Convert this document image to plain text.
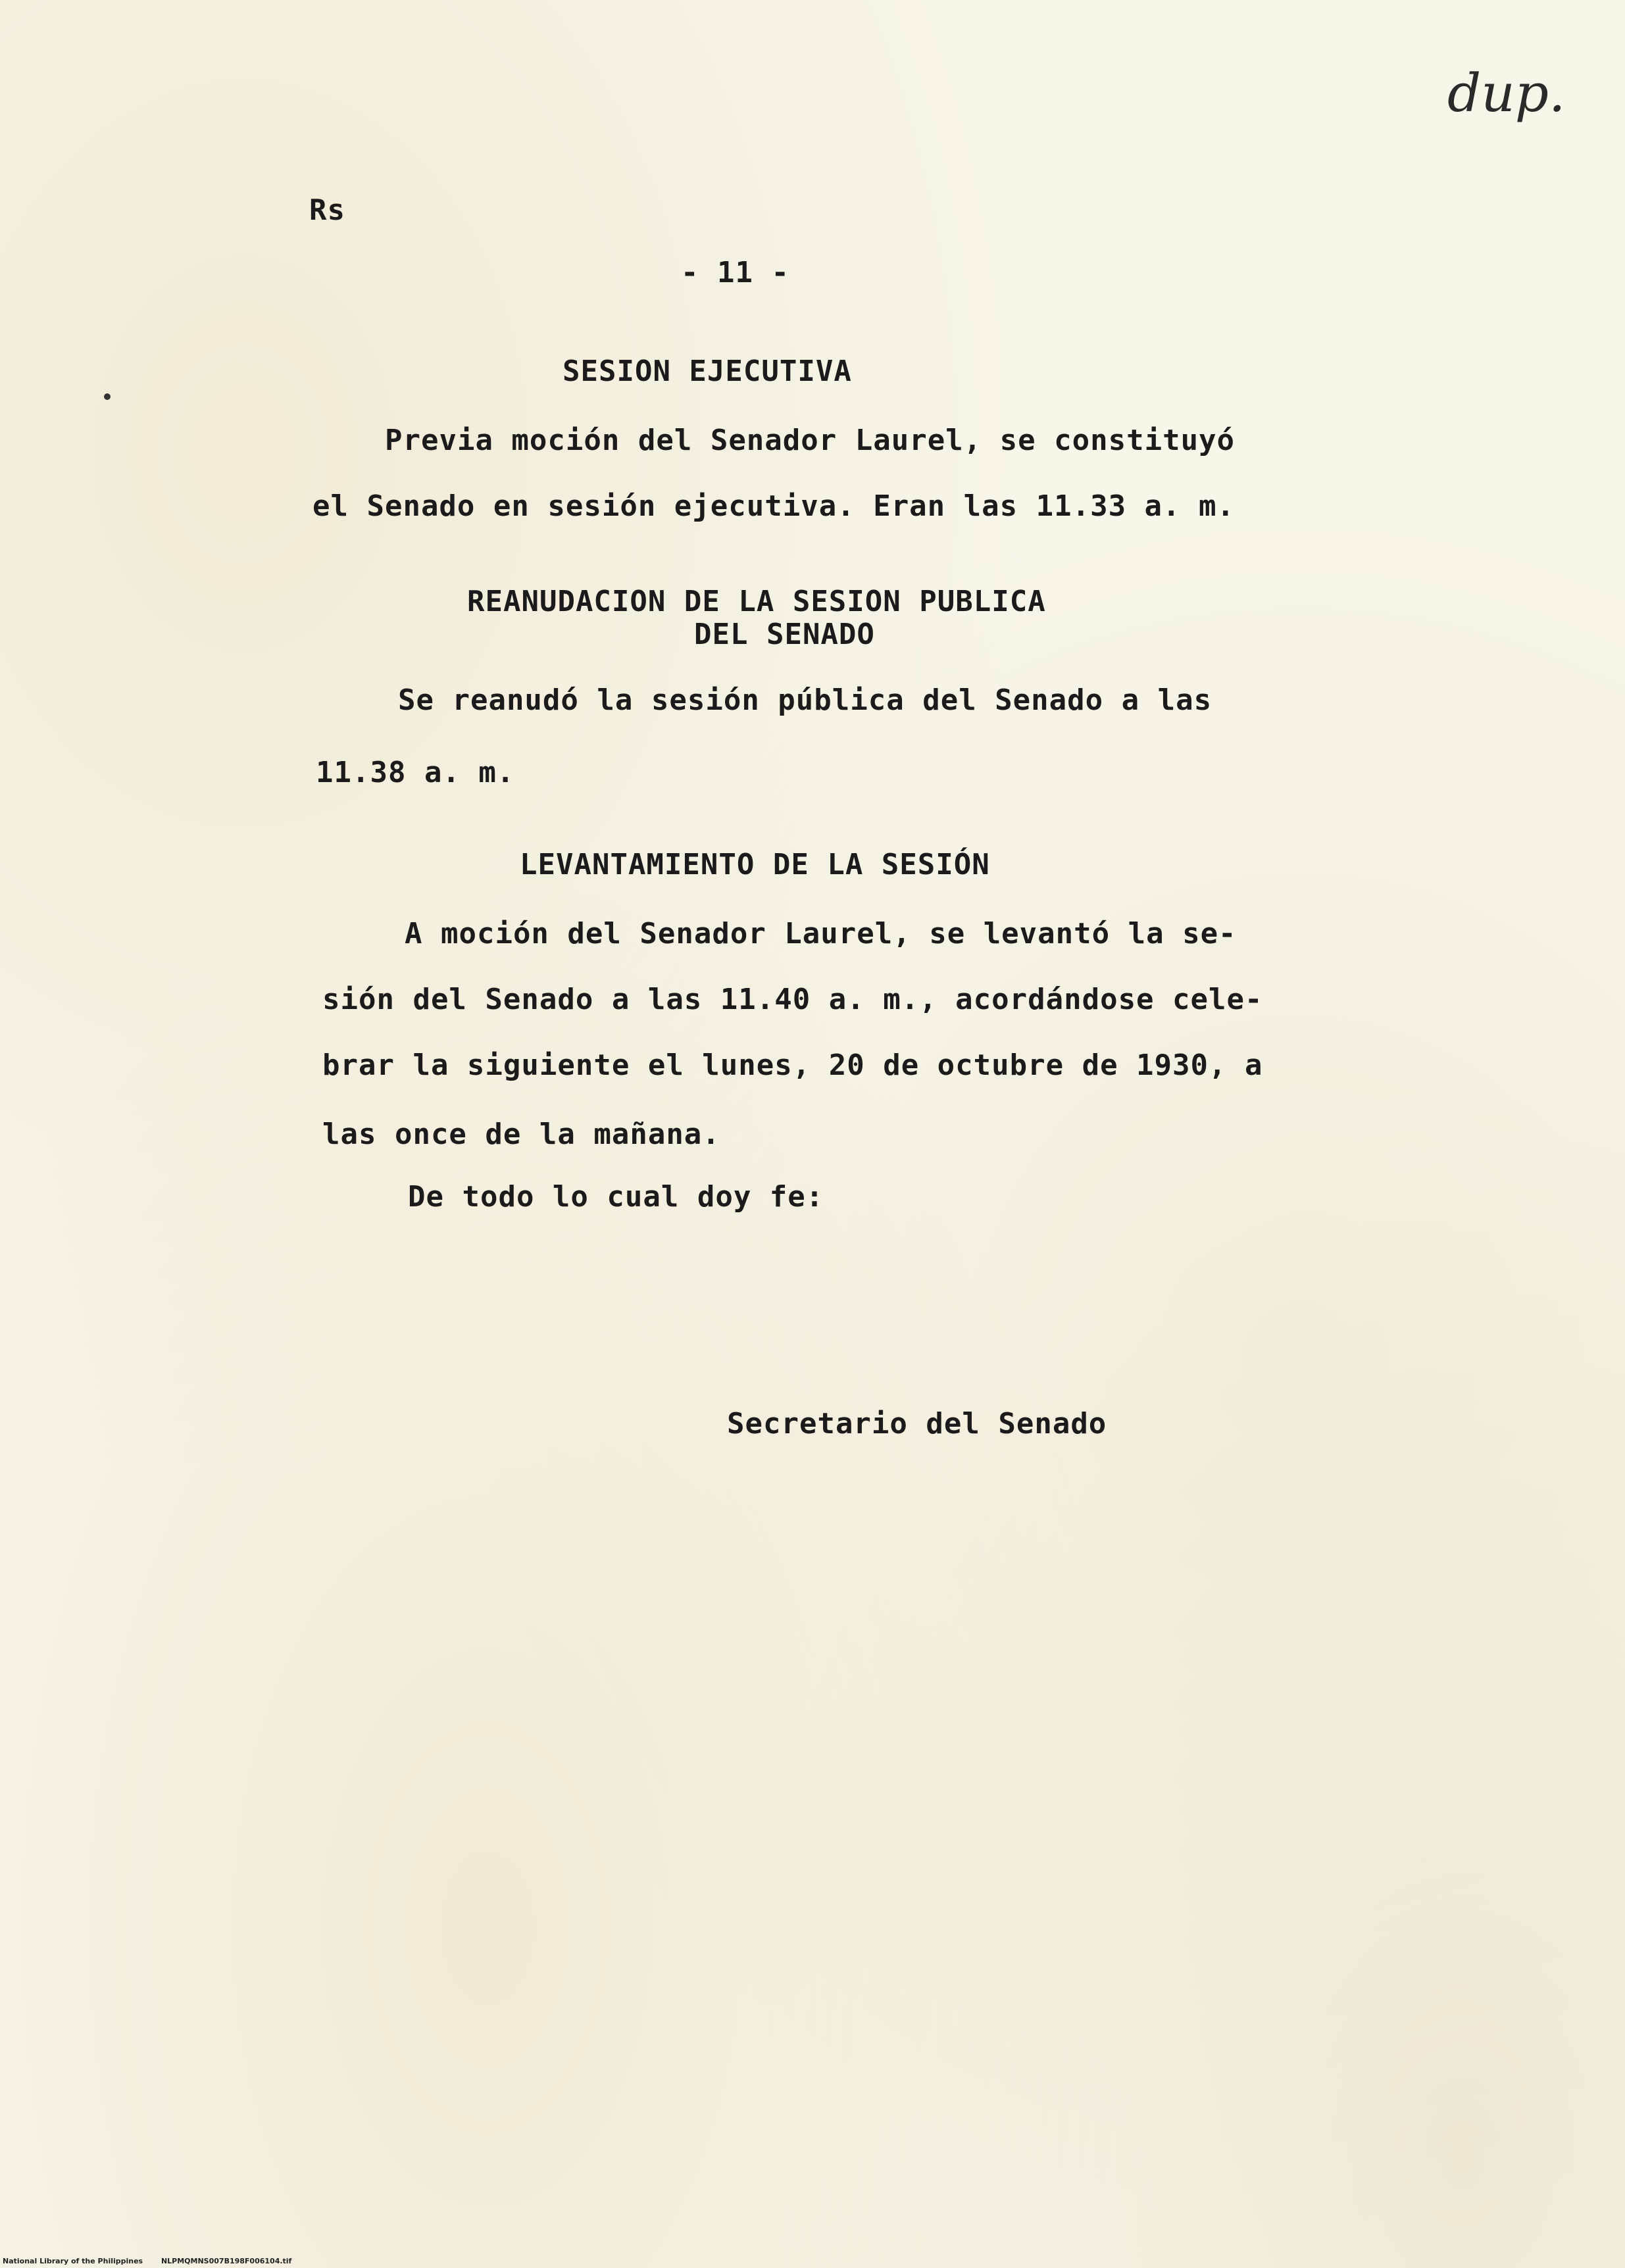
dup.
Rs
- 11 -
SESION EJECUTIVA
Previa moción del Senador Laurel, se constituyó
el Senado en sesión ejecutiva. Eran las 11.33 a. m.
REANUDACION DE LA SESION PUBLICA
DEL SENADO
Se reanudó la sesión pública del Senado a las
11.38 a. m.
LEVANTAMIENTO DE LA SESIÓN
A moción del Senador Laurel, se levantó la se-
sión del Senado a las 11.40 a. m., acordándose cele-
brar la siguiente el lunes, 20 de octubre de 1930, a
las once de la mañana.
De todo lo cual doy fe:
Secretario del Senado
National Library of the Philippines	NLPMQMNS007B198F006104.tif
